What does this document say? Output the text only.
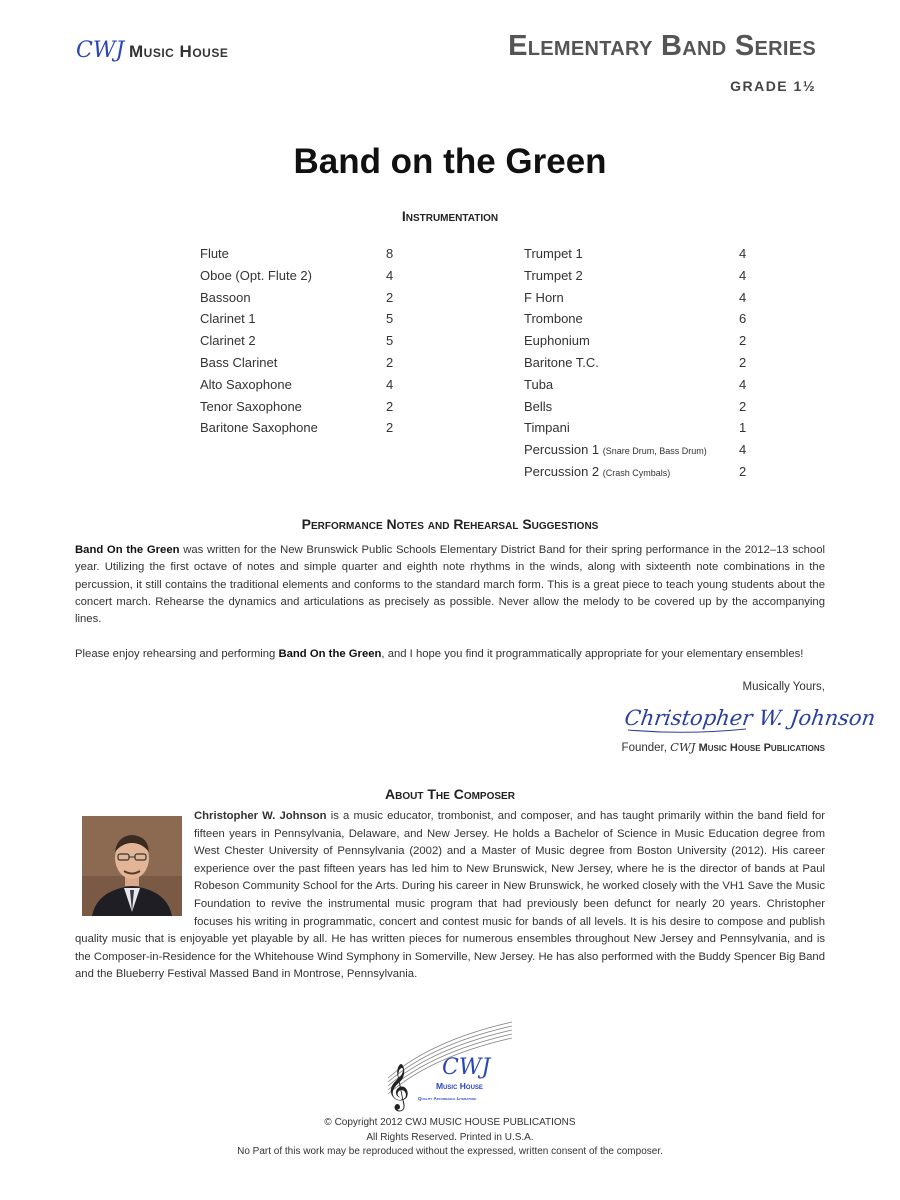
CWJ Music House	Elementary Band Series
GRADE 1½
Band on the Green
Instrumentation
Flute	8
Oboe (Opt. Flute 2)	4
Bassoon	2
Clarinet 1	5
Clarinet 2	5
Bass Clarinet	2
Alto Saxophone	4
Tenor Saxophone	2
Baritone Saxophone	2
Trumpet 1	4
Trumpet 2	4
F Horn	4
Trombone	6
Euphonium	2
Baritone T.C.	2
Tuba	4
Bells	2
Timpani	1
Percussion 1 (Snare Drum, Bass Drum) 4
Percussion 2 (Crash Cymbals)	2
Performance Notes and Rehearsal Suggestions
Band On the Green was written for the New Brunswick Public Schools Elementary District Band for their spring performance in the 2012–13 school year. Utilizing the first octave of notes and simple quarter and eighth note rhythms in the winds, along with sixteenth note combinations in the percussion, it still contains the traditional elements and conforms to the standard march form. This is a great piece to teach young students about the concert march. Rehearse the dynamics and articulations as precisely as possible. Never allow the melody to be covered up by the accompanying lines.
Please enjoy rehearsing and performing Band On the Green, and I hope you find it programmatically appropriate for your elementary ensembles!
Musically Yours,
Christopher W. Johnson
Founder, CWJ Music House Publications
About The Composer
Christopher W. Johnson is a music educator, trombonist, and composer, and has taught primarily within the band field for fifteen years in Pennsylvania, Delaware, and New Jersey. He holds a Bachelor of Science in Music Education degree from West Chester University of Pennsylvania (2002) and a Master of Music degree from Boston University (2012). His career experience over the past fifteen years has led him to New Brunswick, New Jersey, where he is the director of bands at Paul Robeson Community School for the Arts. During his career in New Brunswick, he worked closely with the VH1 Save the Music Foundation to revive the instrumental music program that had previously been defunct for nearly 20 years. Christopher focuses his writing in programmatic, concert and contest music for bands of all levels. It is his desire to compose and publish quality music that is enjoyable yet playable by all. He has written pieces for numerous ensembles throughout New Jersey and Pennsylvania, and is the Composer-in-Residence for the Whitehouse Wind Symphony in Somerville, New Jersey. He has also performed with the Buddy Spencer Big Band and the Blueberry Festival Massed Band in Montrose, Pennsylvania.
𝄞 CWJ
Music House
Quality Affordable Literature
© Copyright 2012 CWJ MUSIC HOUSE PUBLICATIONS
All Rights Reserved. Printed in U.S.A.
No Part of this work may be reproduced without the expressed, written consent of the composer.
